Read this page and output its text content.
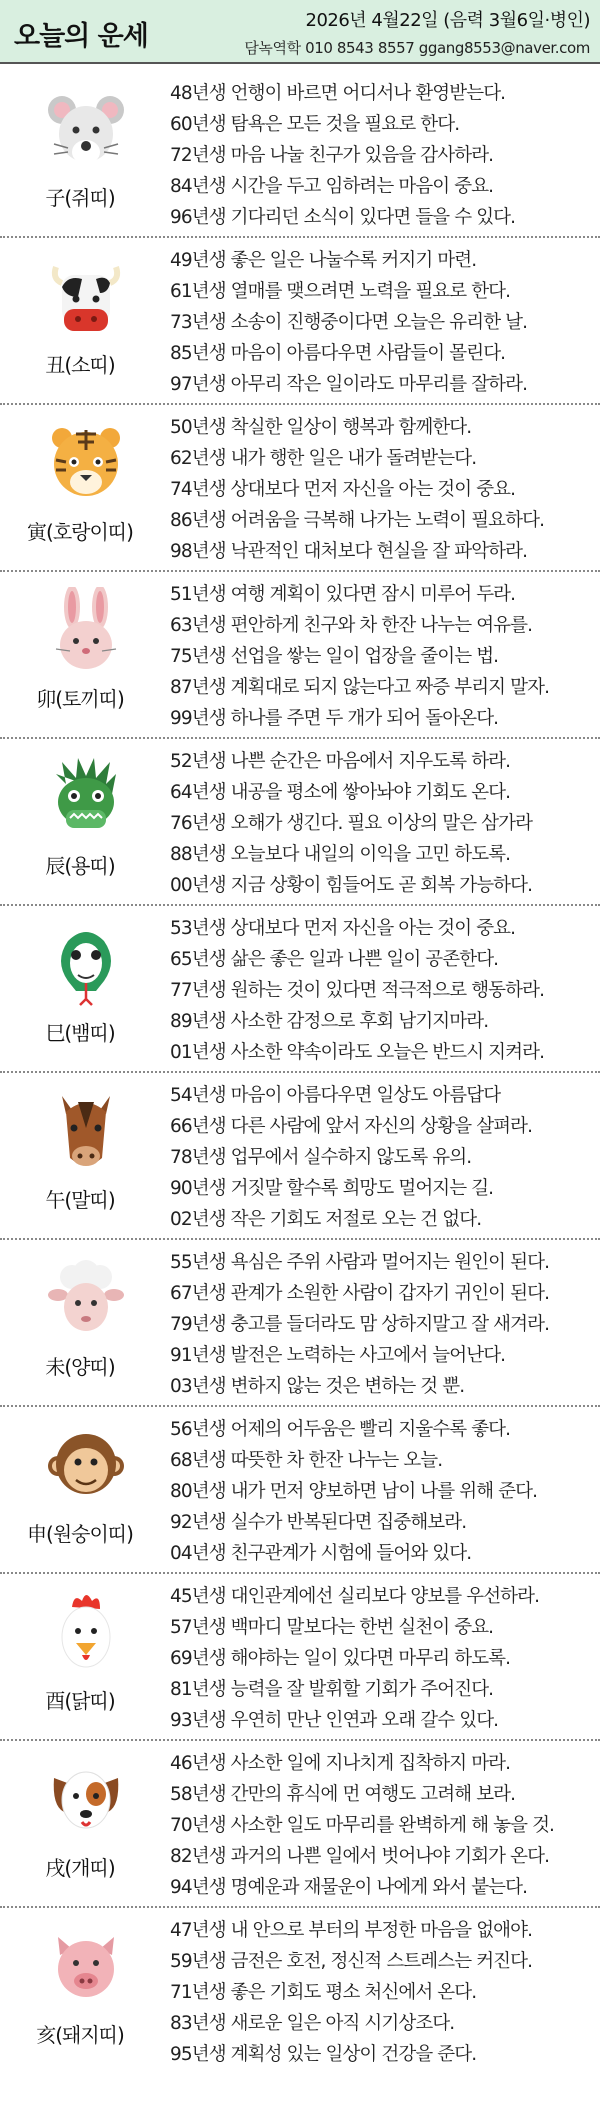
오늘의 운세
2026년 4월22일 (음력 3월6일·병인)
담녹역학 010 8543 8557 ggang8553@naver.com
子(쥐띠)
48년생 언행이 바르면 어디서나 환영받는다.
60년생 탐욕은 모든 것을 필요로 한다.
72년생 마음 나눌 친구가 있음을 감사하라.
84년생 시간을 두고 임하려는 마음이 중요.
96년생 기다리던 소식이 있다면 들을 수 있다.
丑(소띠)
49년생 좋은 일은 나눌수록 커지기 마련.
61년생 열매를 맺으려면 노력을 필요로 한다.
73년생 소송이 진행중이다면 오늘은 유리한 날.
85년생 마음이 아름다우면 사람들이 몰린다.
97년생 아무리 작은 일이라도 마무리를 잘하라.
寅(호랑이띠)
50년생 착실한 일상이 행복과 함께한다.
62년생 내가 행한 일은 내가 돌려받는다.
74년생 상대보다 먼저 자신을 아는 것이 중요.
86년생 어려움을 극복해 나가는 노력이 필요하다.
98년생 낙관적인 대처보다 현실을 잘 파악하라.
卯(토끼띠)
51년생 여행 계획이 있다면 잠시 미루어 두라.
63년생 편안하게 친구와 차 한잔 나누는 여유를.
75년생 선업을 쌓는 일이 업장을 줄이는 법.
87년생 계획대로 되지 않는다고 짜증 부리지 말자.
99년생 하나를 주면 두 개가 되어 돌아온다.
辰(용띠)
52년생 나쁜 순간은 마음에서 지우도록 하라.
64년생 내공을 평소에 쌓아놔야 기회도 온다.
76년생 오해가 생긴다. 필요 이상의 말은 삼가라
88년생 오늘보다 내일의 이익을 고민 하도록.
00년생 지금 상황이 힘들어도 곧 회복 가능하다.
巳(뱀띠)
53년생 상대보다 먼저 자신을 아는 것이 중요.
65년생 삶은 좋은 일과 나쁜 일이 공존한다.
77년생 원하는 것이 있다면 적극적으로 행동하라.
89년생 사소한 감정으로 후회 남기지마라.
01년생 사소한 약속이라도 오늘은 반드시 지켜라.
午(말띠)
54년생 마음이 아름다우면 일상도 아름답다
66년생 다른 사람에 앞서 자신의 상황을 살펴라.
78년생 업무에서 실수하지 않도록 유의.
90년생 거짓말 할수록 희망도 멀어지는 길.
02년생 작은 기회도 저절로 오는 건 없다.
未(양띠)
55년생 욕심은 주위 사람과 멀어지는 원인이 된다.
67년생 관계가 소원한 사람이 갑자기 귀인이 된다.
79년생 충고를 들더라도 맘 상하지말고 잘 새겨라.
91년생 발전은 노력하는 사고에서 늘어난다.
03년생 변하지 않는 것은 변하는 것 뿐.
申(원숭이띠)
56년생 어제의 어두움은 빨리 지울수록 좋다.
68년생 따뜻한 차 한잔 나누는 오늘.
80년생 내가 먼저 양보하면 남이 나를 위해 준다.
92년생 실수가 반복된다면 집중해보라.
04년생 친구관계가 시험에 들어와 있다.
酉(닭띠)
45년생 대인관계에선 실리보다 양보를 우선하라.
57년생 백마디 말보다는 한번 실천이 중요.
69년생 해야하는 일이 있다면 마무리 하도록.
81년생 능력을 잘 발휘할 기회가 주어진다.
93년생 우연히 만난 인연과 오래 갈수 있다.
戌(개띠)
46년생 사소한 일에 지나치게 집착하지 마라.
58년생 간만의 휴식에 먼 여행도 고려해 보라.
70년생 사소한 일도 마무리를 완벽하게 해 놓을 것.
82년생 과거의 나쁜 일에서 벗어나야 기회가 온다.
94년생 명예운과 재물운이 나에게 와서 붙는다.
亥(돼지띠)
47년생 내 안으로 부터의 부정한 마음을 없애야.
59년생 금전은 호전, 정신적 스트레스는 커진다.
71년생 좋은 기회도 평소 처신에서 온다.
83년생 새로운 일은 아직 시기상조다.
95년생 계획성 있는 일상이 건강을 준다.
